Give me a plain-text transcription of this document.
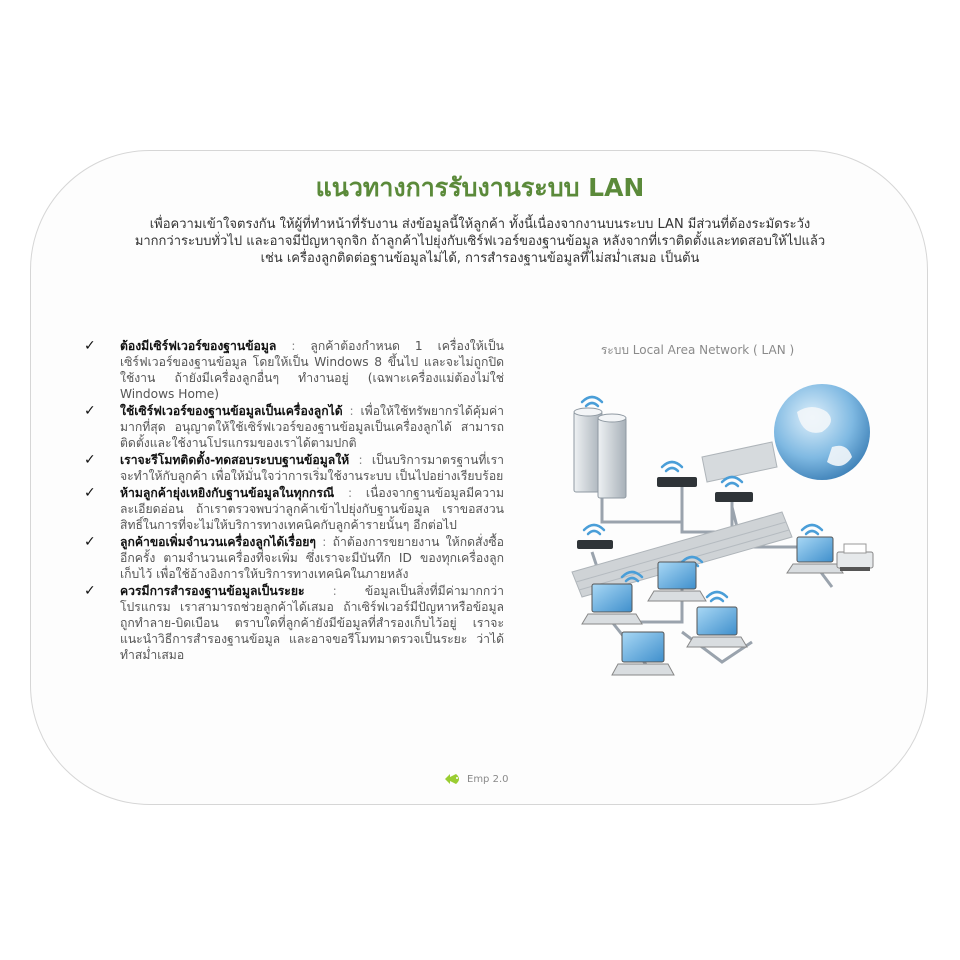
แนวทางการรับงานระบบ LAN

เพื่อความเข้าใจตรงกัน ให้ผู้ที่ทำหน้าที่รับงาน ส่งข้อมูลนี้ให้ลูกค้า ทั้งนี้เนื่องจากงานบนระบบ LAN มีส่วนที่ต้องระมัดระวังมากกว่าระบบทั่วไป และอาจมีปัญหาจุกจิก ถ้าลูกค้าไปยุ่งกับเซิร์ฟเวอร์ของฐานข้อมูล หลังจากที่เราติดตั้งและทดสอบให้ไปแล้ว เช่น เครื่องลูกติดต่อฐานข้อมูลไม่ได้, การสำรองฐานข้อมูลที่ไม่สม่ำเสมอ เป็นต้น

✓ ต้องมีเซิร์ฟเวอร์ของฐานข้อมูล : ลูกค้าต้องกำหนด 1 เครื่องให้เป็นเซิร์ฟเวอร์ของฐานข้อมูล โดยให้เป็น Windows 8 ขึ้นไป และจะไม่ถูกปิดใช้งาน ถ้ายังมีเครื่องลูกอื่นๆ ทำงานอยู่ (เฉพาะเครื่องแม่ต้องไม่ใช่ Windows Home)

✓ ใช้เซิร์ฟเวอร์ของฐานข้อมูลเป็นเครื่องลูกได้ : เพื่อให้ใช้ทรัพยากรได้คุ้มค่ามากที่สุด อนุญาตให้ใช้เซิร์ฟเวอร์ของฐานข้อมูลเป็นเครื่องลูกได้ สามารถติดตั้งและใช้งานโปรแกรมของเราได้ตามปกติ

✓ เราจะรีโมทติดตั้ง-ทดสอบระบบฐานข้อมูลให้ : เป็นบริการมาตรฐานที่เราจะทำให้กับลูกค้า เพื่อให้มั่นใจว่าการเริ่มใช้งานระบบ เป็นไปอย่างเรียบร้อย

✓ ห้ามลูกค้ายุ่งเหยิงกับฐานข้อมูลในทุกกรณี : เนื่องจากฐานข้อมูลมีความละเอียดอ่อน ถ้าเราตรวจพบว่าลูกค้าเข้าไปยุ่งกับฐานข้อมูล เราขอสงวนสิทธิ์ในการที่จะไม่ให้บริการทางเทคนิคกับลูกค้ารายนั้นๆ อีกต่อไป

✓ ลูกค้าขอเพิ่มจำนวนเครื่องลูกได้เรื่อยๆ : ถ้าต้องการขยายงาน ให้กดสั่งซื้ออีกครั้ง ตามจำนวนเครื่องที่จะเพิ่ม ซึ่งเราจะมีบันทึก ID ของทุกเครื่องลูกเก็บไว้ เพื่อใช้อ้างอิงการให้บริการทางเทคนิคในภายหลัง

✓ ควรมีการสำรองฐานข้อมูลเป็นระยะ : ข้อมูลเป็นสิ่งที่มีค่ามากกว่าโปรแกรม เราสามารถช่วยลูกค้าได้เสมอ ถ้าเซิร์ฟเวอร์มีปัญหาหรือข้อมูลถูกทำลาย-บิดเบือน ตราบใดที่ลูกค้ายังมีข้อมูลที่สำรองเก็บไว้อยู่ เราจะแนะนำวิธีการสำรองฐานข้อมูล และอาจขอรีโมทมาตรวจเป็นระยะ ว่าได้ทำสม่ำเสมอ

ระบบ Local Area Network ( LAN )
Emp 2.0
